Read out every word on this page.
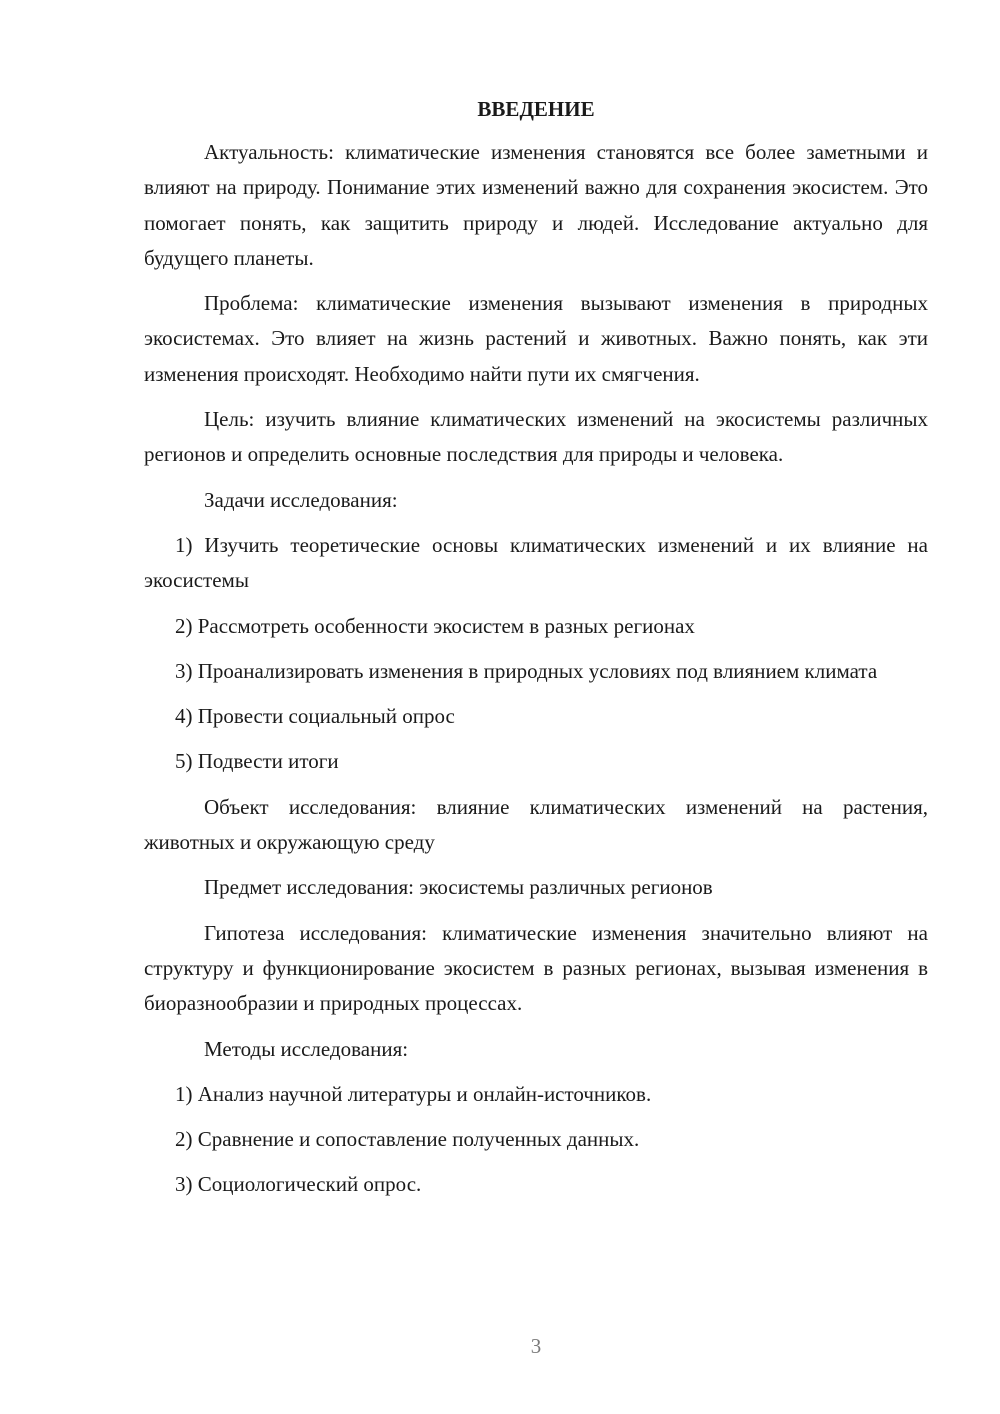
ВВЕДЕНИЕ

Актуальность: климатические изменения становятся все более заметными и влияют на природу. Понимание этих изменений важно для сохранения экосистем. Это помогает понять, как защитить природу и людей. Исследование актуально для будущего планеты.

Проблема: климатические изменения вызывают изменения в природных экосистемах. Это влияет на жизнь растений и животных. Важно понять, как эти изменения происходят. Необходимо найти пути их смягчения.

Цель: изучить влияние климатических изменений на экосистемы различных регионов и определить основные последствия для природы и человека.

Задачи исследования:

1) Изучить теоретические основы климатических изменений и их влияние на экосистемы

2) Рассмотреть особенности экосистем в разных регионах

3) Проанализировать изменения в природных условиях под влиянием климата

4) Провести социальный опрос

5) Подвести итоги

Объект исследования: влияние климатических изменений на растения, животных и окружающую среду

Предмет исследования: экосистемы различных регионов

Гипотеза исследования: климатические изменения значительно влияют на структуру и функционирование экосистем в разных регионах, вызывая изменения в биоразнообразии и природных процессах.

Методы исследования:

1) Анализ научной литературы и онлайн-источников.

2) Сравнение и сопоставление полученных данных.

3) Социологический опрос.

3
